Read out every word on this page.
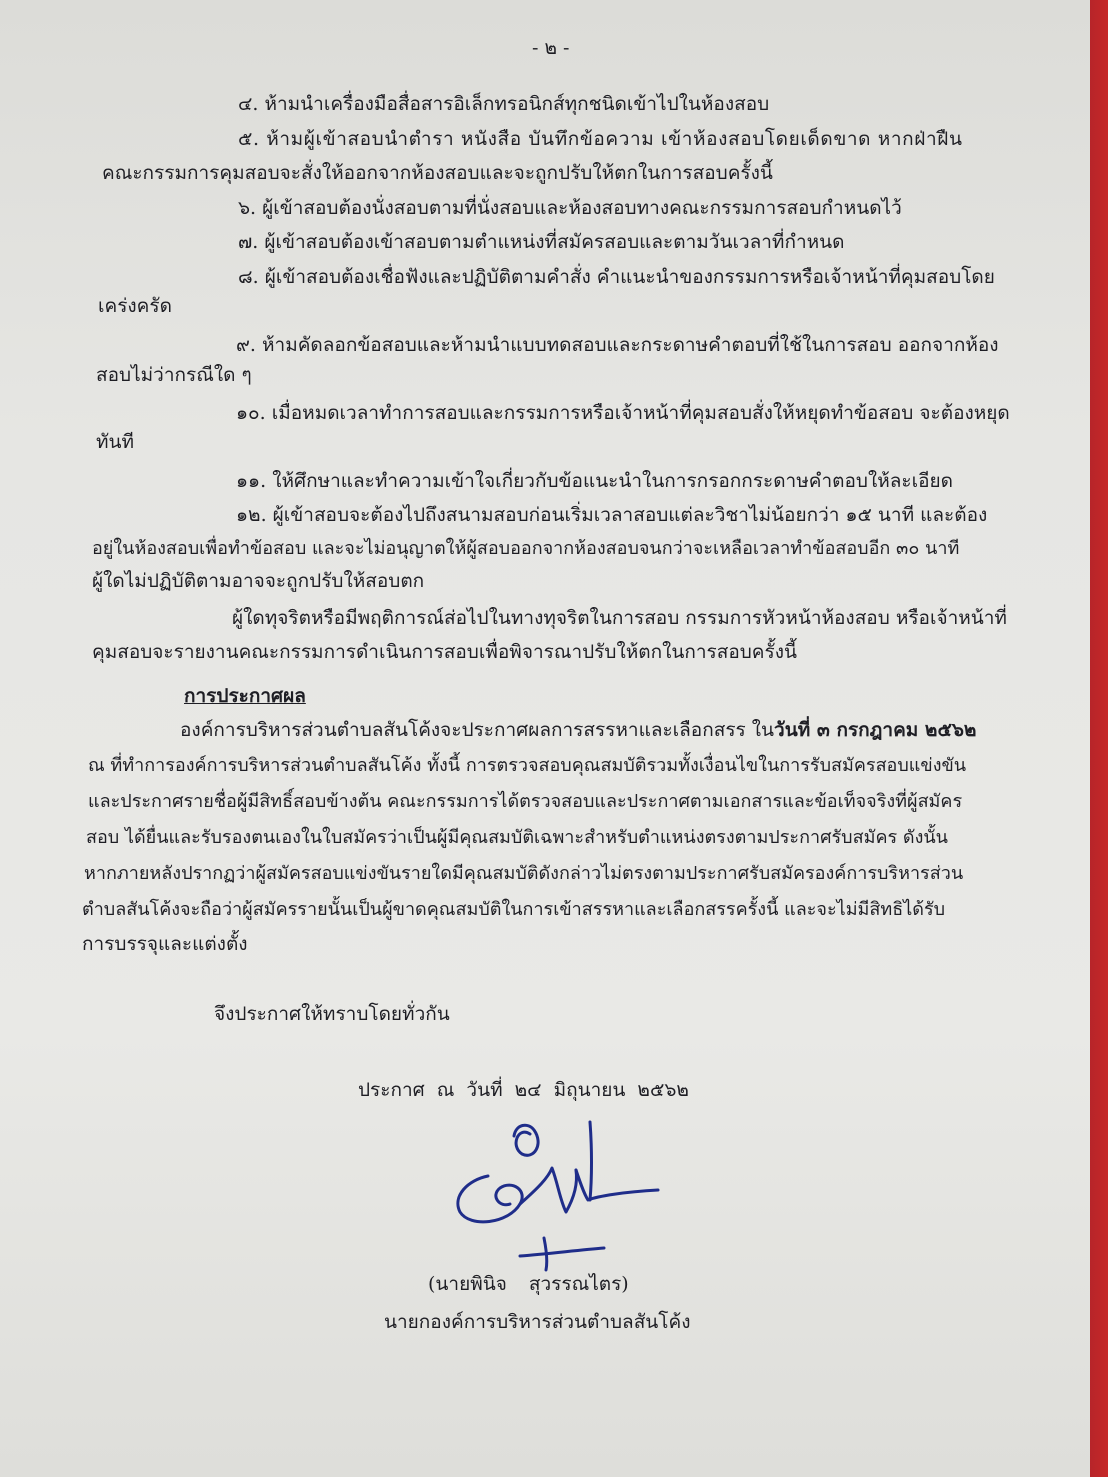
- ๒ -
๔. ห้ามนำเครื่องมือสื่อสารอิเล็กทรอนิกส์ทุกชนิดเข้าไปในห้องสอบ
๕. ห้ามผู้เข้าสอบนำตำรา หนังสือ บันทึกข้อความ เข้าห้องสอบโดยเด็ดขาด หากฝ่าฝืน
คณะกรรมการคุมสอบจะสั่งให้ออกจากห้องสอบและจะถูกปรับให้ตกในการสอบครั้งนี้
๖. ผู้เข้าสอบต้องนั่งสอบตามที่นั่งสอบและห้องสอบทางคณะกรรมการสอบกำหนดไว้
๗. ผู้เข้าสอบต้องเข้าสอบตามตำแหน่งที่สมัครสอบและตามวันเวลาที่กำหนด
๘. ผู้เข้าสอบต้องเชื่อฟังและปฏิบัติตามคำสั่ง คำแนะนำของกรรมการหรือเจ้าหน้าที่คุมสอบโดย
เคร่งครัด
๙. ห้ามคัดลอกข้อสอบและห้ามนำแบบทดสอบและกระดาษคำตอบที่ใช้ในการสอบ ออกจากห้อง
สอบไม่ว่ากรณีใด ๆ
๑๐. เมื่อหมดเวลาทำการสอบและกรรมการหรือเจ้าหน้าที่คุมสอบสั่งให้หยุดทำข้อสอบ จะต้องหยุด
ทันที
๑๑. ให้ศึกษาและทำความเข้าใจเกี่ยวกับข้อแนะนำในการกรอกกระดาษคำตอบให้ละเอียด
๑๒. ผู้เข้าสอบจะต้องไปถึงสนามสอบก่อนเริ่มเวลาสอบแต่ละวิชาไม่น้อยกว่า ๑๕ นาที และต้อง
อยู่ในห้องสอบเพื่อทำข้อสอบ และจะไม่อนุญาตให้ผู้สอบออกจากห้องสอบจนกว่าจะเหลือเวลาทำข้อสอบอีก ๓๐ นาที
ผู้ใดไม่ปฏิบัติตามอาจจะถูกปรับให้สอบตก
ผู้ใดทุจริตหรือมีพฤติการณ์ส่อไปในทางทุจริตในการสอบ กรรมการหัวหน้าห้องสอบ หรือเจ้าหน้าที่
คุมสอบจะรายงานคณะกรรมการดำเนินการสอบเพื่อพิจารณาปรับให้ตกในการสอบครั้งนี้
การประกาศผล
องค์การบริหารส่วนตำบลสันโค้งจะประกาศผลการสรรหาและเลือกสรร ในวันที่ ๓ กรกฎาคม ๒๕๖๒
ณ ที่ทำการองค์การบริหารส่วนตำบลสันโค้ง ทั้งนี้ การตรวจสอบคุณสมบัติรวมทั้งเงื่อนไขในการรับสมัครสอบแข่งขัน
และประกาศรายชื่อผู้มีสิทธิ์สอบข้างต้น คณะกรรมการได้ตรวจสอบและประกาศตามเอกสารและข้อเท็จจริงที่ผู้สมัคร
สอบ ได้ยื่นและรับรองตนเองในใบสมัครว่าเป็นผู้มีคุณสมบัติเฉพาะสำหรับตำแหน่งตรงตามประกาศรับสมัคร ดังนั้น
หากภายหลังปรากฏว่าผู้สมัครสอบแข่งขันรายใดมีคุณสมบัติดังกล่าวไม่ตรงตามประกาศรับสมัครองค์การบริหารส่วน
ตำบลสันโค้งจะถือว่าผู้สมัครรายนั้นเป็นผู้ขาดคุณสมบัติในการเข้าสรรหาและเลือกสรรครั้งนี้ และจะไม่มีสิทธิได้รับ
การบรรจุและแต่งตั้ง
จึงประกาศให้ทราบโดยทั่วกัน
ประกาศ ณ วันที่ ๒๔ มิถุนายน ๒๕๖๒
(นายพินิจ สุวรรณไตร)
นายกองค์การบริหารส่วนตำบลสันโค้ง
